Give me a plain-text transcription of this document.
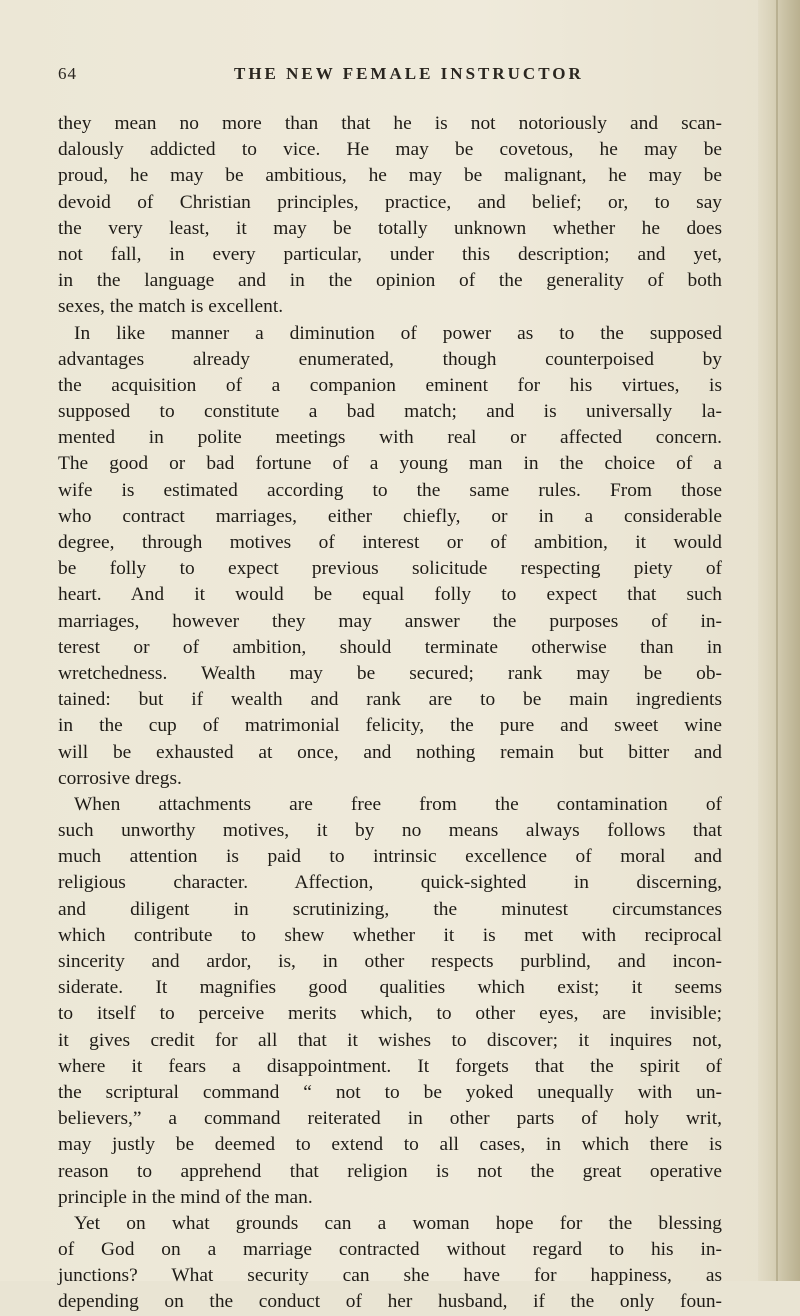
64	THE NEW FEMALE INSTRUCTOR
they mean no more than that he is not notoriously and scan-
dalously addicted to vice. He may be covetous, he may be
proud, he may be ambitious, he may be malignant, he may be
devoid of Christian principles, practice, and belief; or, to say
the very least, it may be totally unknown whether he does
not fall, in every particular, under this description; and yet,
in the language and in the opinion of the generality of both
sexes, the match is excellent.
In like manner a diminution of power as to the supposed
advantages already enumerated, though counterpoised by
the acquisition of a companion eminent for his virtues, is
supposed to constitute a bad match; and is universally la-
mented in polite meetings with real or affected concern.
The good or bad fortune of a young man in the choice of a
wife is estimated according to the same rules. From those
who contract marriages, either chiefly, or in a considerable
degree, through motives of interest or of ambition, it would
be folly to expect previous solicitude respecting piety of
heart. And it would be equal folly to expect that such
marriages, however they may answer the purposes of in-
terest or of ambition, should terminate otherwise than in
wretchedness. Wealth may be secured; rank may be ob-
tained: but if wealth and rank are to be main ingredients
in the cup of matrimonial felicity, the pure and sweet wine
will be exhausted at once, and nothing remain but bitter and
corrosive dregs.
When attachments are free from the contamination of
such unworthy motives, it by no means always follows that
much attention is paid to intrinsic excellence of moral and
religious character. Affection, quick-sighted in discerning,
and diligent in scrutinizing, the minutest circumstances
which contribute to shew whether it is met with reciprocal
sincerity and ardor, is, in other respects purblind, and incon-
siderate. It magnifies good qualities which exist; it seems
to itself to perceive merits which, to other eyes, are invisible;
it gives credit for all that it wishes to discover; it inquires not,
where it fears a disappointment. It forgets that the spirit of
the scriptural command “ not to be yoked unequally with un-
believers,” a command reiterated in other parts of holy writ,
may justly be deemed to extend to all cases, in which there is
reason to apprehend that religion is not the great operative
principle in the mind of the man.
Yet on what grounds can a woman hope for the blessing
of God on a marriage contracted without regard to his in-
junctions? What security can she have for happiness, as
depending on the conduct of her husband, if the only foun-
